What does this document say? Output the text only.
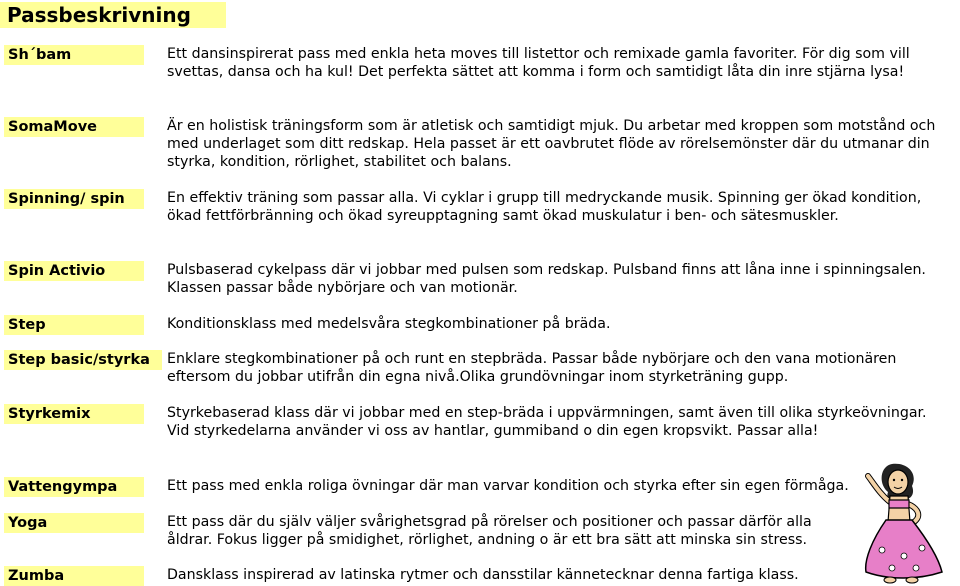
Passbeskrivning
Sh´bam	Ett dansinspirerat pass med enkla heta moves till listettor och remixade gamla favoriter. För dig som vill svettas, dansa och ha kul! Det perfekta sättet att komma i form och samtidigt låta din inre stjärna lysa!

SomaMove	Är en holistisk träningsform som är atletisk och samtidigt mjuk. Du arbetar med kroppen som motstånd och med underlaget som ditt redskap. Hela passet är ett oavbrutet flöde av rörelsemönster där du utmanar din styrka, kondition, rörlighet, stabilitet och balans.

Spinning/ spin	En effektiv träning som passar alla. Vi cyklar i grupp till medryckande musik. Spinning ger ökad kondition, ökad fettförbränning och ökad syreupptagning samt ökad muskulatur i ben- och sätesmuskler.

Spin Activio	Pulsbaserad cykelpass där vi jobbar med pulsen som redskap. Pulsband finns att låna inne i spinningsalen. Klassen passar både nybörjare och van motionär.

Step	Konditionsklass med medelsvåra stegkombinationer på bräda.

Step basic/styrka	Enklare stegkombinationer på och runt en stepbräda. Passar både nybörjare och den vana motionären eftersom du jobbar utifrån din egna nivå.Olika grundövningar inom styrketräning gupp.

Styrkemix	Styrkebaserad klass där vi jobbar med en step-bräda i uppvärmningen, samt även till olika styrkeövningar. Vid styrkedelarna använder vi oss av hantlar, gummiband o din egen kropsvikt. Passar alla!

Vattengympa	Ett pass med enkla roliga övningar där man varvar kondition och styrka efter sin egen förmåga.

Yoga	Ett pass där du själv väljer svårighetsgrad på rörelser och positioner och passar därför alla åldrar. Fokus ligger på smidighet, rörlighet, andning o är ett bra sätt att minska sin stress.

Zumba	Dansklass inspirerad av latinska rytmer och dansstilar kännetecknar denna fartiga klass.
